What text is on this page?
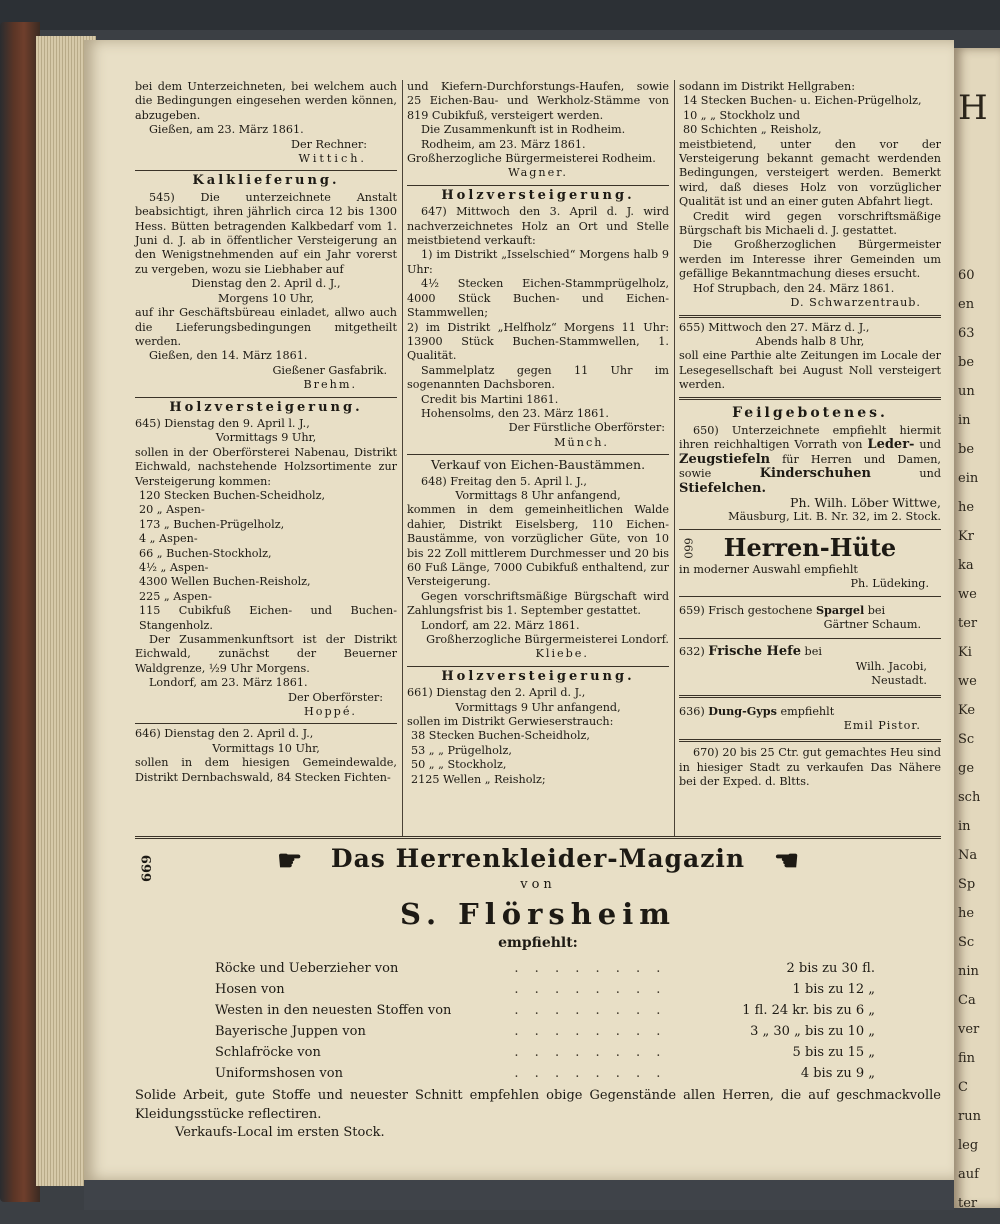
H
60
en
63
be
un
in
be
ein
he
Kr
ka
we
ter
Ki
we
Ke
Sc
ge
sch
in
Na
Sp
he
Sc
nin
Ca
ver
fin
C
run
leg
auf
ter

bei dem Unterzeichneten, bei welchem auch die Bedingungen eingesehen werden können, abzugeben.

Gießen, am 23. März 1861.

Der Rechner:

Wittich.

Kalklieferung.

545) Die unterzeichnete Anstalt beabsichtigt, ihren jährlich circa 12 bis 1300 Hess. Bütten betragenden Kalkbedarf vom 1. Juni d. J. ab in öffentlicher Versteigerung an den Wenigstnehmenden auf ein Jahr vorerst zu vergeben, wozu sie Liebhaber auf

Dienstag den 2. April d. J.,

Morgens 10 Uhr,

auf ihr Geschäftsbüreau einladet, allwo auch die Lieferungsbedingungen mitgetheilt werden.

Gießen, den 14. März 1861.

Gießener Gasfabrik.

Brehm.

Holzversteigerung.

645) Dienstag den 9. April l. J.,

Vormittags 9 Uhr,

sollen in der Oberförsterei Nabenau, Distrikt Eichwald, nachstehende Holzsortimente zur Versteigerung kommen:

120 Stecken Buchen-Scheidholz,
20 „ Aspen-
173 „ Buchen-Prügelholz,
4 „ Aspen-
66 „ Buchen-Stockholz,
4½ „ Aspen-
4300 Wellen Buchen-Reisholz,
225 „ Aspen-

115 Cubikfuß Eichen- und Buchen-Stangenholz.

Der Zusammenkunftsort ist der Distrikt Eichwald, zunächst der Beuerner Waldgrenze, ½9 Uhr Morgens.

Londorf, am 23. März 1861.

Der Oberförster:

Hoppé.

646) Dienstag den 2. April d. J.,

Vormittags 10 Uhr,

sollen in dem hiesigen Gemeindewalde, Distrikt Dernbachswald, 84 Stecken Fichten-

und Kiefern-Durchforstungs-Haufen, sowie 25 Eichen-Bau- und Werkholz-Stämme von 819 Cubikfuß, versteigert werden.

Die Zusammenkunft ist in Rodheim.

Rodheim, am 23. März 1861.

Großherzogliche Bürgermeisterei Rodheim.

Wagner.

Holzversteigerung.

647) Mittwoch den 3. April d. J. wird nachverzeichnetes Holz an Ort und Stelle meistbietend verkauft:

1) im Distrikt „Isselschied“ Morgens halb 9 Uhr:

4½ Stecken Eichen-Stammprügelholz, 4000 Stück Buchen- und Eichen-Stammwellen;

2) im Distrikt „Helfholz“ Morgens 11 Uhr: 13900 Stück Buchen-Stammwellen, 1. Qualität.

Sammelplatz gegen 11 Uhr im sogenannten Dachsboren.

Credit bis Martini 1861.

Hohensolms, den 23. März 1861.

Der Fürstliche Oberförster:

Münch.

Verkauf von Eichen-Baustämmen.

648) Freitag den 5. April l. J.,

Vormittags 8 Uhr anfangend,

kommen in dem gemeinheitlichen Walde dahier, Distrikt Eiselsberg, 110 Eichen-Baustämme, von vorzüglicher Güte, von 10 bis 22 Zoll mittlerem Durchmesser und 20 bis 60 Fuß Länge, 7000 Cubikfuß enthaltend, zur Versteigerung.

Gegen vorschriftsmäßige Bürgschaft wird Zahlungsfrist bis 1. September gestattet.

Londorf, am 22. März 1861.

Großherzogliche Bürgermeisterei Londorf.

Kliebe.

Holzversteigerung.

661) Dienstag den 2. April d. J.,

Vormittags 9 Uhr anfangend,

sollen im Distrikt Gerwieserstrauch:

38 Stecken Buchen-Scheidholz,
53 „ „ Prügelholz,
50 „ „ Stockholz,
2125 Wellen „ Reisholz;

sodann im Distrikt Hellgraben:

14 Stecken Buchen- u. Eichen-Prügelholz,
10 „ „ Stockholz und
80 Schichten „ Reisholz,

meistbietend, unter den vor der Versteigerung bekannt gemacht werdenden Bedingungen, versteigert werden. Bemerkt wird, daß dieses Holz von vorzüglicher Qualität ist und an einer guten Abfahrt liegt.

Credit wird gegen vorschriftsmäßige Bürgschaft bis Michaeli d. J. gestattet.

Die Großherzoglichen Bürgermeister werden im Interesse ihrer Gemeinden um gefällige Bekanntmachung dieses ersucht.

Hof Strupbach, den 24. März 1861.

D. Schwarzentraub.

655) Mittwoch den 27. März d. J.,

Abends halb 8 Uhr,

soll eine Parthie alte Zeitungen im Locale der Lesegesellschaft bei August Noll versteigert werden.

Feilgebotenes.

650) Unterzeichnete empfiehlt hiermit ihren reichhaltigen Vorrath von Leder- und Zeugstiefeln für Herren und Damen, sowie Kinderschuhen und Stiefelchen.

Ph. Wilh. Löber Wittwe,

Mäusburg, Lit. B. Nr. 32, im 2. Stock.

660	Herren-Hüte

in moderner Auswahl empfiehlt

Ph. Lüdeking.

659) Frisch gestochene Spargel bei

Gärtner Schaum.

632) Frische Hefe bei

Wilh. Jacobi,

Neustadt.

636) Dung-Gyps empfiehlt

Emil Pistor.

670) 20 bis 25 Ctr. gut gemachtes Heu sind in hiesiger Stadt zu verkaufen Das Nähere bei der Exped. d. Bltts.

669	☛ Das Herrenkleider-Magazin ☛
von
S. Flörsheim
empfiehlt:
Röcke und Ueberzieher von	. . . . . . . .	2 bis zu 30 fl.
Hosen von	. . . . . . . .	1 bis zu 12 „
Westen in den neuesten Stoffen von	. . . . . . . .	1 fl. 24 kr. bis zu 6 „
Bayerische Juppen von	. . . . . . . .	3 „ 30 „ bis zu 10 „
Schlafröcke von	. . . . . . . .	5 bis zu 15 „
Uniformshosen von	. . . . . . . .	4 bis zu 9 „
Solide Arbeit, gute Stoffe und neuester Schnitt empfehlen obige Gegenstände allen Herren, die auf geschmackvolle Kleidungsstücke reflectiren.
Verkaufs-Local im ersten Stock.
